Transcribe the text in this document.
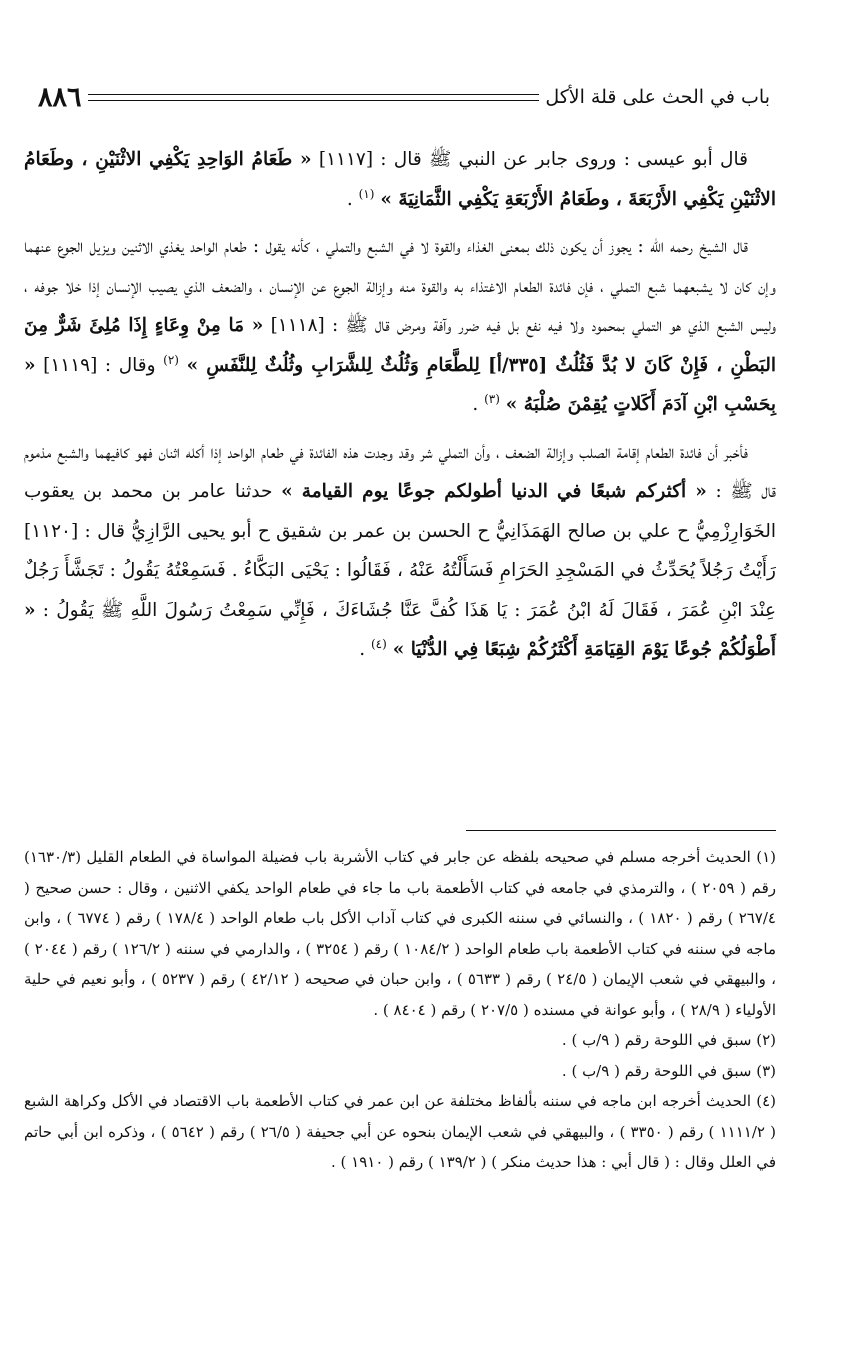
باب في الحث على قلة الأكل
٨٨٦

قال أبو عيسى : وروى جابر عن النبي ﷺ قال : [١١١٧] « طَعَامُ الوَاحِدِ يَكْفِي الاثْنَيْنِ ، وطَعَامُ الاثْنَيْنِ يَكْفِي الأَرْبَعَةَ ، وطَعَامُ الأَرْبَعَةِ يَكْفِي الثَّمَانِيَةَ » $^{(١)}$ .

قال الشيخ رحمه الله : يجوز أن يكون ذلك بمعنى الغذاء والقوة لا في الشبع والتملي ، كأنه يقول : طعام الواحد يغذي الاثنين ويزيل الجوع عنهما وإن كان لا يشبعهما شبع التملي ، فإن فائدة الطعام الاغتذاء به والقوة منه وإزالة الجوع عن الإنسان ، والضعف الذي يصيب الإنسان إذا خلا جوفه ، وليس الشبع الذي هو التملي بمحمود ولا فيه نفع بل فيه ضرر وآفة ومرض قال ﷺ : [١١١٨] « مَا مِنْ وِعَاءٍ إِذَا مُلِئَ شَرٌّ مِنَ البَطْنِ ، فَإِنْ كَانَ لا بُدَّ فَثُلُثٌ [٣٣٥/أ] لِلطَّعَامِ وَثُلُثٌ لِلشَّرَابِ وثُلُثٌ لِلنَّفَسِ » $^{(٢)}$ وقال : [١١١٩] « بِحَسْبِ ابْنِ آدَمَ أَكَلاتٍ يُقِمْنَ صُلْبَهُ » $^{(٣)}$ .

فأخبر أن فائدة الطعام إقامة الصلب وإزالة الضعف ، وأن التملي شر وقد وجدت هذه الفائدة في طعام الواحد إذا أكله اثنان فهو كافيهما والشبع مذموم قال ﷺ : « أكثركم شبعًا في الدنيا أطولكم جوعًا يوم القيامة » حدثنا عامر بن محمد بن يعقوب الخَوَارِزْمِيُّ ح علي بن صالح الهَمَذَانِيُّ ح الحسن بن عمر بن شقيق ح أبو يحيى الرَّازِيُّ قال : [١١٢٠] رَأَيْتُ رَجُلاً يُحَدِّثُ في المَسْجِدِ الحَرَامِ فَسَأَلْتُهُ عَنْهُ ، فَقَالُوا : يَحْيَى البَكَّاءُ . فَسَمِعْتُهُ يَقُولُ : تَجَشَّأَ رَجُلٌ عِنْدَ ابْنِ عُمَرَ ، فَقَالَ لَهُ ابْنُ عُمَرَ : يَا هَذَا كُفَّ عَنَّا جُشَاءَكَ ، فَإِنِّي سَمِعْتُ رَسُولَ اللَّهِ ﷺ يَقُولُ : « أَطْوَلُكُمْ جُوعًا يَوْمَ القِيَامَةِ أَكْثَرُكُمْ شِبَعًا فِي الدُّنْيَا » $^{(٤)}$ .

(١) الحديث أخرجه مسلم في صحيحه بلفظه عن جابر في كتاب الأشربة باب فضيلة المواساة في الطعام القليل (١٦٣٠/٣) رقم ( ٢٠٥٩ ) ، والترمذي في جامعه في كتاب الأطعمة باب ما جاء في طعام الواحد يكفي الاثنين ، وقال : حسن صحيح ( ٢٦٧/٤ ) رقم ( ١٨٢٠ ) ، والنسائي في سننه الكبرى في كتاب آداب الأكل باب طعام الواحد ( ١٧٨/٤ ) رقم ( ٦٧٧٤ ) ، وابن ماجه في سننه في كتاب الأطعمة باب طعام الواحد ( ١٠٨٤/٢ ) رقم ( ٣٢٥٤ ) ، والدارمي في سننه ( ١٢٦/٢ ) رقم ( ٢٠٤٤ ) ، والبيهقي في شعب الإيمان ( ٢٤/٥ ) رقم ( ٥٦٣٣ ) ، وابن حبان في صحيحه ( ٤٢/١٢ ) رقم ( ٥٢٣٧ ) ، وأبو نعيم في حلية الأولياء ( ٢٨/٩ ) ، وأبو عوانة في مسنده ( ٢٠٧/٥ ) رقم ( ٨٤٠٤ ) .

(٢) سبق في اللوحة رقم ( ٩/ب ) .

(٣) سبق في اللوحة رقم ( ٩/ب ) .

(٤) الحديث أخرجه ابن ماجه في سننه بألفاظ مختلفة عن ابن عمر في كتاب الأطعمة باب الاقتصاد في الأكل وكراهة الشبع ( ١١١١/٢ ) رقم ( ٣٣٥٠ ) ، والبيهقي في شعب الإيمان بنحوه عن أبي جحيفة ( ٢٦/٥ ) رقم ( ٥٦٤٢ ) ، وذكره ابن أبي حاتم في العلل وقال : ( قال أبي : هذا حديث منكر ) ( ١٣٩/٢ ) رقم ( ١٩١٠ ) .
